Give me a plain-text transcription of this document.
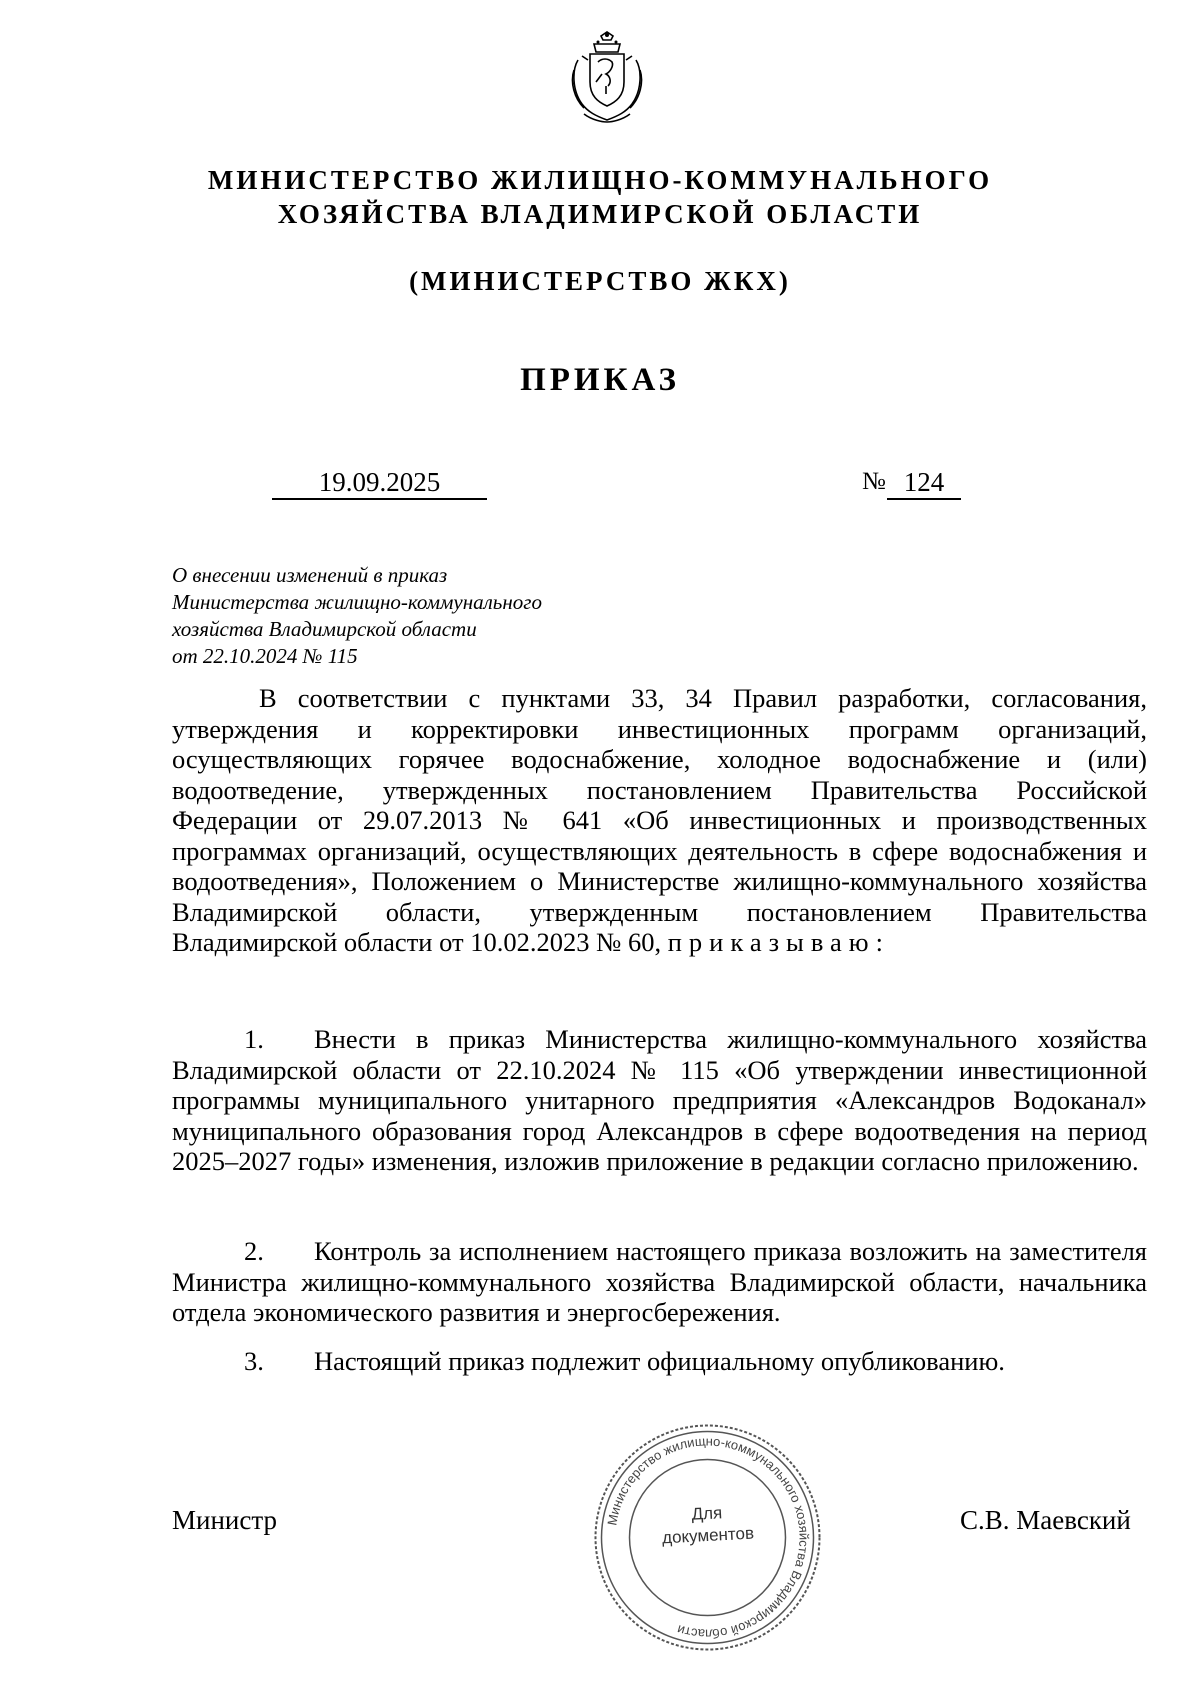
МИНИСТЕРСТВО ЖИЛИЩНО-КОММУНАЛЬНОГО
ХОЗЯЙСТВА ВЛАДИМИРСКОЙ ОБЛАСТИ
(МИНИСТЕРСТВО ЖКХ)
ПРИКАЗ
19.09.2025	№ 124
О внесении изменений в приказ
Министерства жилищно-коммунального
хозяйства Владимирской области
от 22.10.2024 № 115
В соответствии с пунктами 33, 34 Правил разработки, согласования, утверждения и корректировки инвестиционных программ организаций, осуществляющих горячее водоснабжение, холодное водоснабжение и (или) водоотведение, утвержденных постановлением Правительства Российской Федерации от 29.07.2013 № 641 «Об инвестиционных и производственных программах организаций, осуществляющих деятельность в сфере водоснабжения и водоотведения», Положением о Министерстве жилищно-коммунального хозяйства Владимирской области, утвержденным постановлением Правительства Владимирской области от 10.02.2023 № 60, приказываю:
1. Внести в приказ Министерства жилищно-коммунального хозяйства Владимирской области от 22.10.2024 № 115 «Об утверждении инвестиционной программы муниципального унитарного предприятия «Александров Водоканал» муниципального образования город Александров в сфере водоотведения на период 2025–2027 годы» изменения, изложив приложение в редакции согласно приложению.
2. Контроль за исполнением настоящего приказа возложить на заместителя Министра жилищно-коммунального хозяйства Владимирской области, начальника отдела экономического развития и энергосбережения.
3. Настоящий приказ подлежит официальному опубликованию.
Министерство жилищно-коммунального хозяйства Владимирской области
Для
документов
Министр	С.В. Маевский
